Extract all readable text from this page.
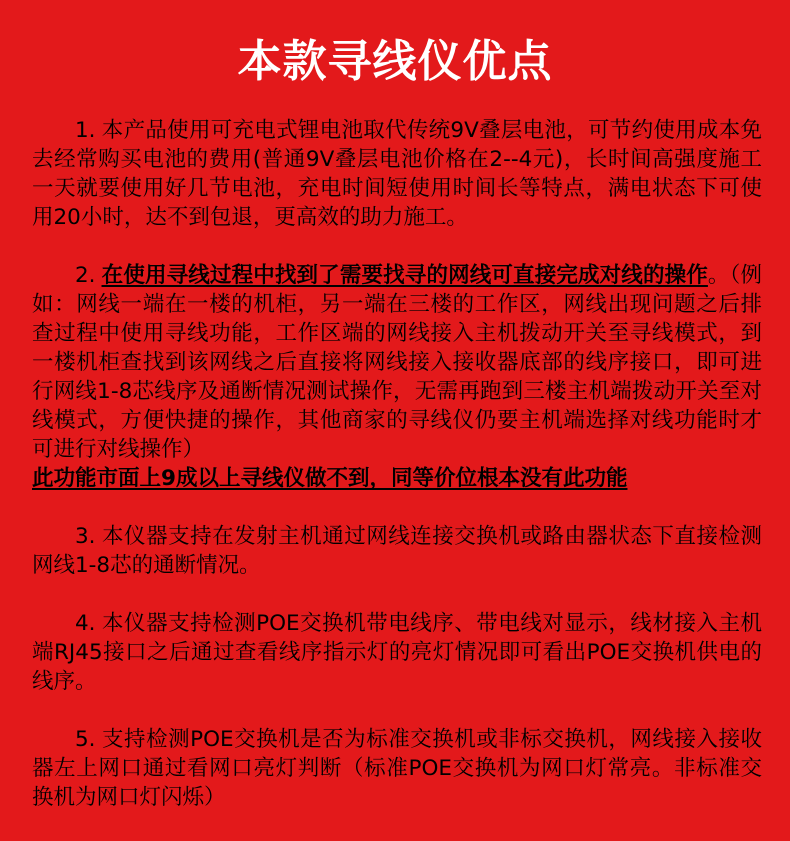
本款寻线仪优点

1. 本产品使用可充电式锂电池取代传统9V叠层电池，可节约使用成本免去经常购买电池的费用(普通9V叠层电池价格在2--4元)，长时间高强度施工一天就要使用好几节电池，充电时间短使用时间长等特点，满电状态下可使用20小时，达不到包退，更高效的助力施工。

2. 在使用寻线过程中找到了需要找寻的网线可直接完成对线的操作。（例如：网线一端在一楼的机柜，另一端在三楼的工作区，网线出现问题之后排查过程中使用寻线功能，工作区端的网线接入主机拨动开关至寻线模式，到一楼机柜查找到该网线之后直接将网线接入接收器底部的线序接口，即可进行网线1-8芯线序及通断情况测试操作，无需再跑到三楼主机端拨动开关至对线模式，方便快捷的操作，其他商家的寻线仪仍要主机端选择对线功能时才可进行对线操作）

此功能市面上9成以上寻线仪做不到，同等价位根本没有此功能

3. 本仪器支持在发射主机通过网线连接交换机或路由器状态下直接检测网线1-8芯的通断情况。

4. 本仪器支持检测POE交换机带电线序、带电线对显示，线材接入主机端RJ45接口之后通过查看线序指示灯的亮灯情况即可看出POE交换机供电的线序。

5. 支持检测POE交换机是否为标准交换机或非标交换机，网线接入接收器左上网口通过看网口亮灯判断（标准POE交换机为网口灯常亮。非标准交换机为网口灯闪烁）
